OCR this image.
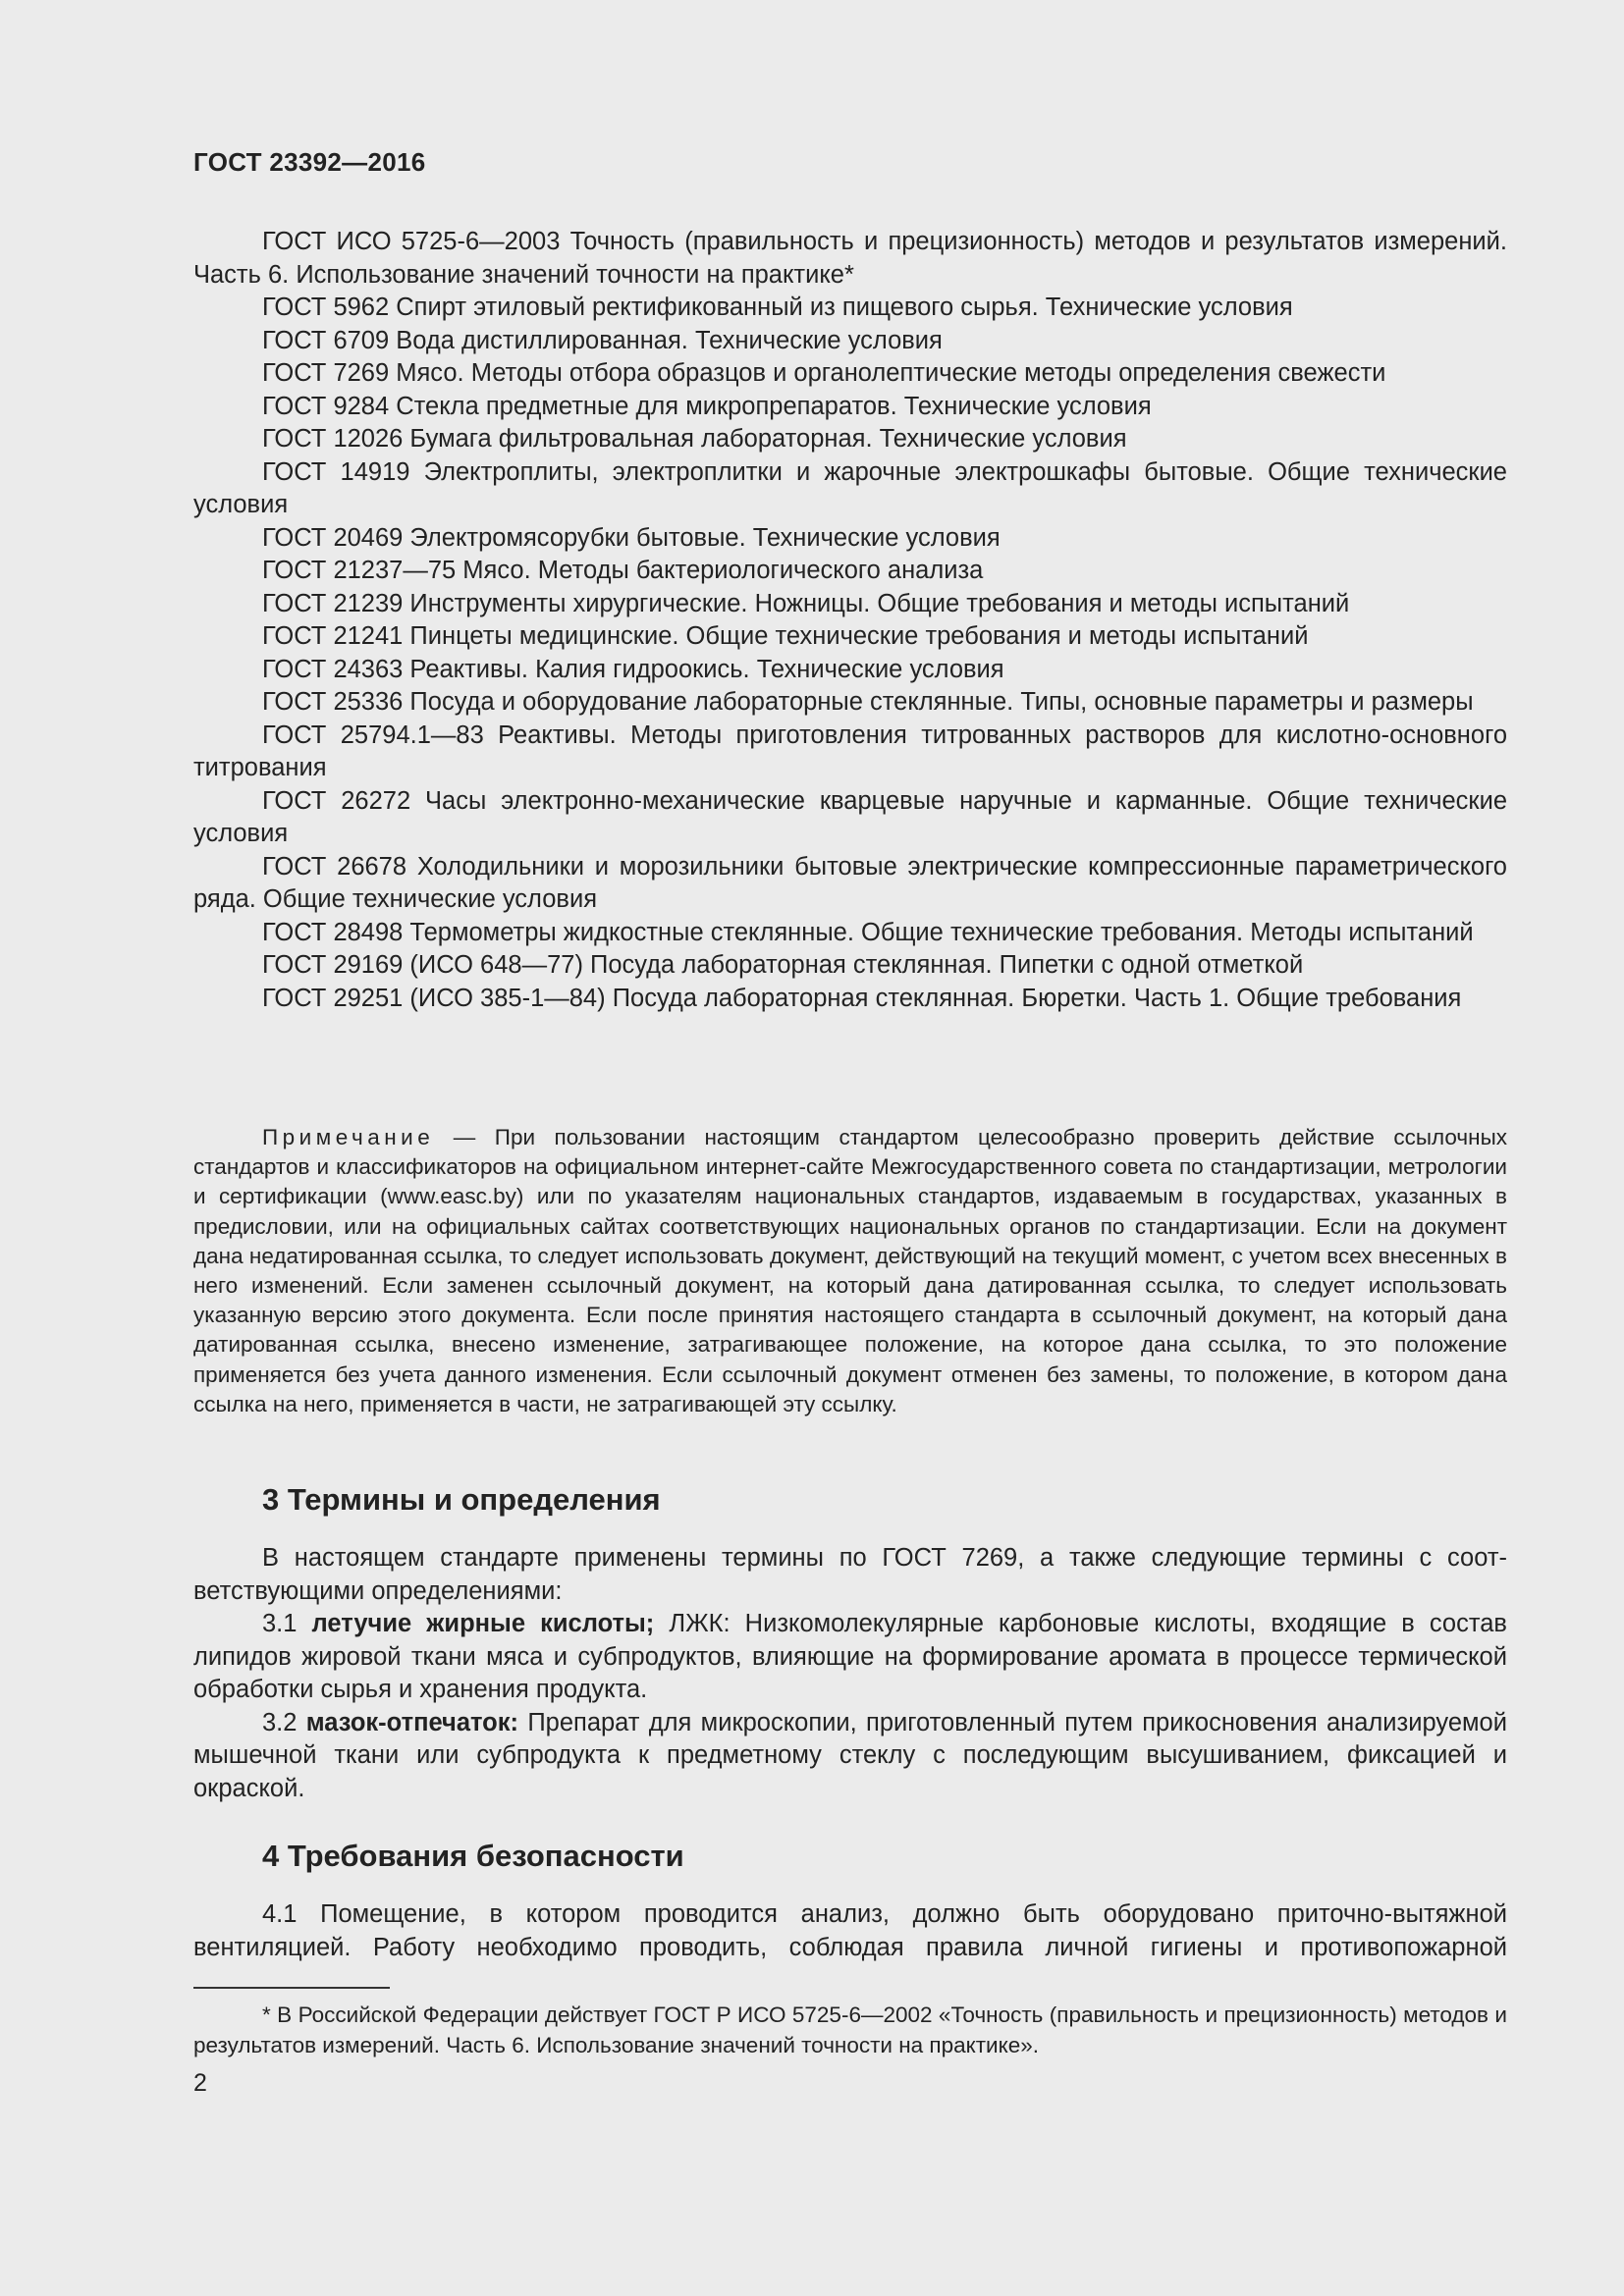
ГОСТ 23392—2016

ГОСТ ИСО 5725-6—2003 Точность (правильность и прецизионность) методов и результатов измерений. Часть 6. Использование значений точности на практике*

ГОСТ 5962 Спирт этиловый ректификованный из пищевого сырья. Технические условия

ГОСТ 6709 Вода дистиллированная. Технические условия

ГОСТ 7269 Мясо. Методы отбора образцов и органолептические методы определения свежести

ГОСТ 9284 Стекла предметные для микропрепаратов. Технические условия

ГОСТ 12026 Бумага фильтровальная лабораторная. Технические условия

ГОСТ 14919 Электроплиты, электроплитки и жарочные электрошкафы бытовые. Общие технические условия

ГОСТ 20469 Электромясорубки бытовые. Технические условия

ГОСТ 21237—75 Мясо. Методы бактериологического анализа

ГОСТ 21239 Инструменты хирургические. Ножницы. Общие требования и методы испытаний

ГОСТ 21241 Пинцеты медицинские. Общие технические требования и методы испытаний

ГОСТ 24363 Реактивы. Калия гидроокись. Технические условия

ГОСТ 25336 Посуда и оборудование лабораторные стеклянные. Типы, основные параметры и размеры

ГОСТ 25794.1—83 Реактивы. Методы приготовления титрованных растворов для кислотно-основного титрования

ГОСТ 26272 Часы электронно-механические кварцевые наручные и карманные. Общие технические условия

ГОСТ 26678 Холодильники и морозильники бытовые электрические компрессионные параметрического ряда. Общие технические условия

ГОСТ 28498 Термометры жидкостные стеклянные. Общие технические требования. Методы испытаний

ГОСТ 29169 (ИСО 648—77) Посуда лабораторная стеклянная. Пипетки с одной отметкой

ГОСТ 29251 (ИСО 385-1—84) Посуда лабораторная стеклянная. Бюретки. Часть 1. Общие требования

Примечание — При пользовании настоящим стандартом целесообразно проверить действие ссылочных стандартов и классификаторов на официальном интернет-сайте Межгосударственного совета по стандартизации, метрологии и сертификации (www.easc.by) или по указателям национальных стандартов, издаваемым в государствах, указанных в предисловии, или на официальных сайтах соответствующих национальных органов по стандартизации. Если на документ дана недатированная ссылка, то следует использовать документ, действующий на текущий момент, с учетом всех внесенных в него изменений. Если заменен ссылочный документ, на который дана датированная ссылка, то следует использовать указанную версию этого документа. Если после принятия настоящего стандарта в ссылочный документ, на который дана датированная ссылка, внесено изменение, затрагивающее положение, на которое дана ссылка, то это положение применяется без учета данного изменения. Если ссылочный документ отменен без замены, то положение, в котором дана ссылка на него, применяется в части, не затрагивающей эту ссылку.

3 Термины и определения

В настоящем стандарте применены термины по ГОСТ 7269, а также следующие термины с соответствующими определениями:

3.1 летучие жирные кислоты; ЛЖК: Низкомолекулярные карбоновые кислоты, входящие в состав липидов жировой ткани мяса и субпродуктов, влияющие на формирование аромата в процессе термической обработки сырья и хранения продукта.

3.2 мазок-отпечаток: Препарат для микроскопии, приготовленный путем прикосновения анализируемой мышечной ткани или субпродукта к предметному стеклу с последующим высушиванием, фиксацией и окраской.

4 Требования безопасности

4.1 Помещение, в котором проводится анализ, должно быть оборудовано приточно-вытяжной вентиляцией. Работу необходимо проводить, соблюдая правила личной гигиены и противопожарной

* В Российской Федерации действует ГОСТ Р ИСО 5725-6—2002 «Точность (правильность и прецизионность) методов и результатов измерений. Часть 6. Использование значений точности на практике».

2
